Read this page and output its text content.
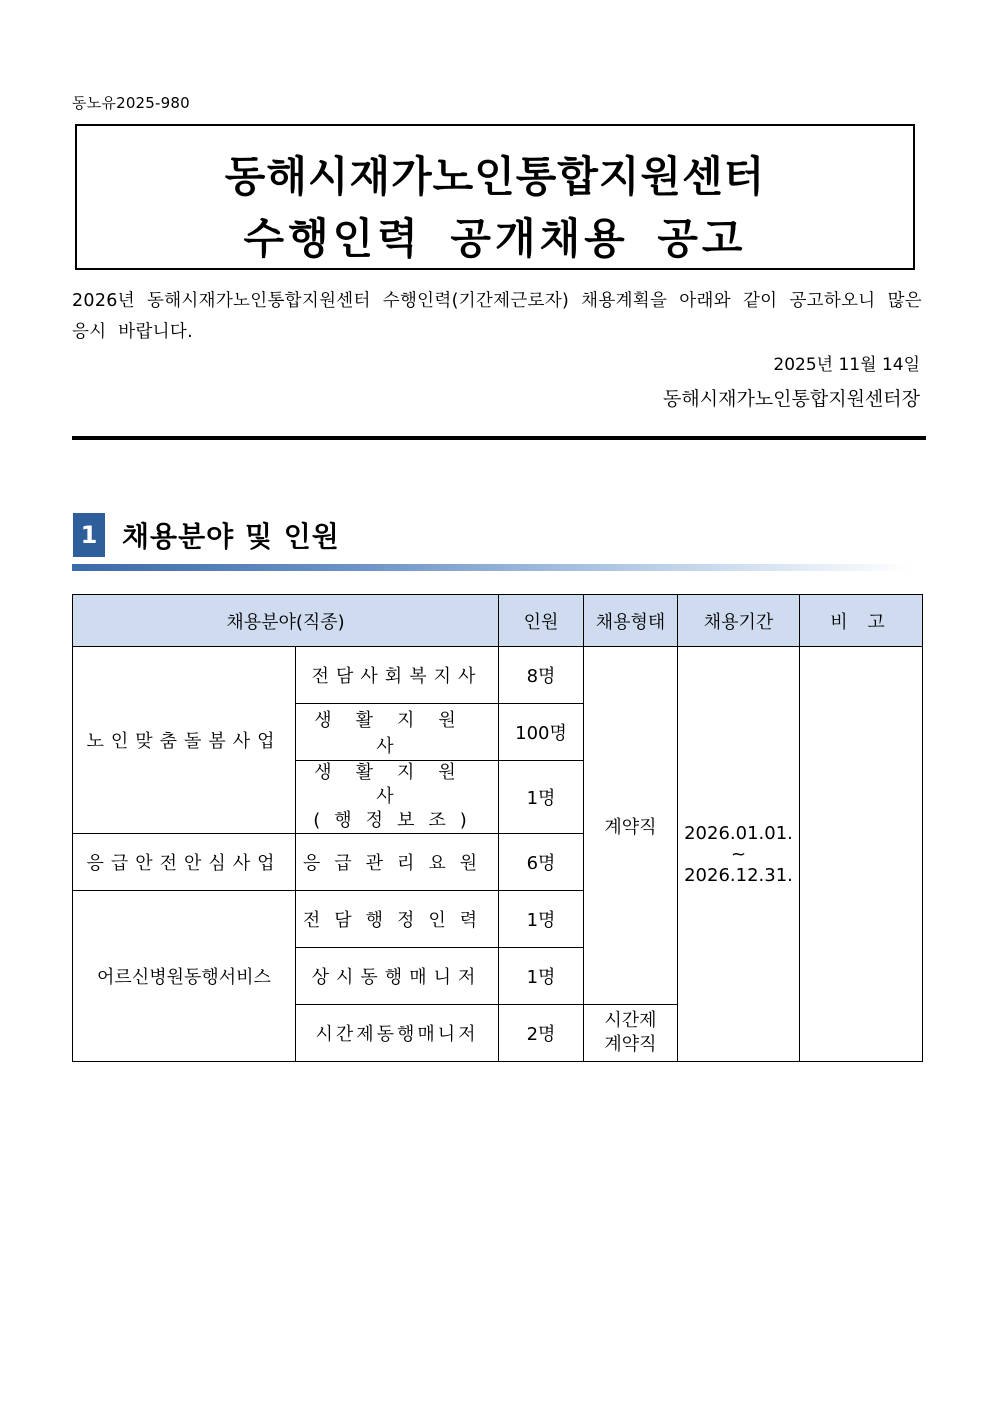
동노유2025-980
동해시재가노인통합지원센터
수행인력 공개채용 공고
2026년 동해시재가노인통합지원센터 수행인력(기간제근로자) 채용계획을 아래와 같이 공고하오니 많은 응시 바랍니다.
2025년 11월 14일
동해시재가노인통합지원센터장
1 채용분야 및 인원
채용분야(직종)		인원	채용형태	채용기간	비 고
노인맞춤돌봄사업	전담사회복지사	8명	계약직	2026.01.01.
~
2026.12.31.	

	생활지원사	100명			

	생활지원사
(행정보조)	1명			
응급안전안심사업	응급관리요원	6명			
어르신병원동행서비스	전담행정인력	1명			
	상시동행매니저	1명			
	시간제동행매니저	2명	시간제
계약직		
